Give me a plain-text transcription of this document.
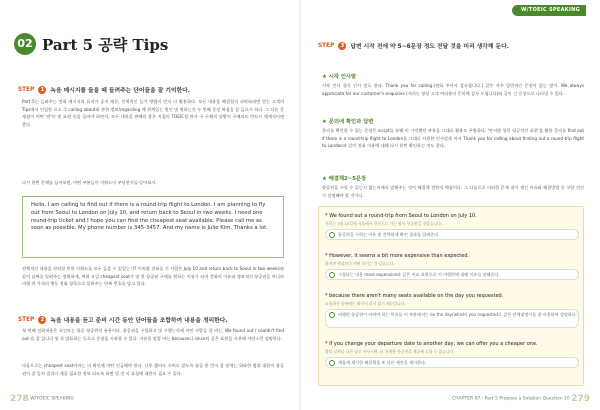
W/TOEIC SPEAKING
02 Part 5 공략 Tips
STEP 1 녹음 메시지를 들을 때 들려주는 단어들을 잘 기억한다.
Part 5는 들려주는 전화 메시지의 요지가 공지 때문, 인력적인 들기 방법이 먼저 더 활용하다. 모든 내용을 해결할지 파악하려면 얻는 고객의 Tips에서 인일한 요소 즉 calling about와 관한 정보/regarding 에 관계있는 원인 및 원하는것 두 번째 문장 복잡을 잘 들으시 하다. 그 다른 문제점이 어떤 '만'이 및 표현 등을 들어야 하면서, 모든 내용을 판례의 좋은 지침의 TOEIC점 관사 구 구체적 상황이 구매되도 반드시 체계적이면 좋다.
다시 한번 문제를 들어보면, 어떤 부분들이 키워드이 부당한지를 알아보자.
Hello, I am calling to find out if there is a round-trip flight to London. I am planning to fly out from Seoul to London on July 10, and return back to Seoul in two weeks. I need one round-trip ticket and I hope you can find the cheapest seat available. Please call me as soon as possible. My phone number is 345-3457. And my name is Julie Kim. Thanks a lot.
전체적인 내용을 파악할 만한 키워드를 모두 들을 수 있었는가? 이처럼 전화를 건 사람은 July 10 and return back to Seoul in two weeks와 같이 날짜를 알려주는 정확하게, 여러 요일 cheapest seat가 및 한 항공권 구매를 원하는 이유가 되며 전화의 이유와 정보적인 항공권을 아니라 비행 편 가격의 행동 전화 항목으로 알려주는 반복 번호를 담고 있다.
STEP 2 녹음 내용을 듣고 준비 시간 동안 단어들을 조합하여 내용을 정리한다.
첫 번째 전화내용은 포인트는 항공 항공편의 유무이다. 항공권을 구입하고 및 구했는지에 어떤 사람들 할 바는, We found out / couldn't find out-을 잘 입니다 및 꼭 발표하는 동으로 문장을 시작할 수 있다. 자유롭 말할 바는 because나 since의 같은 표현을 사용해 자연스런 설명한다.
다음으로는 cheapest seat이라는 비 확인에 어떤 인급해야 한다. 너무 짧아도 오버도 않도록 항공 한 번이 잘 맞게는 위와한 범위 대한이 항공권이 잘 일치 결과가 제공 필요한 정보 되도록 하면 될 것 이 요청에 대한이 필요 수 있다.
STEP 3 답변 시작 전에 약 5~6문장 정도 전달 것을 미리 생각해 둔다.
★ 시작 인사말
시작 인사 형식 인사 말로 한다. Thank you for calling.(전화 주셔서 감사합니다.) 같은 자주 일반적인 문장이 있는 말이. We always appreciate for our customer's enquiries.(저희는 항상 고객 여러분의 문의에 감사 드립니다)와 같이 긴 문장으로 나타낼 수 있다.
★ 문의에 확인과 답변
문의를 확인할 수 있는 문장은 script를 통해 이 기억했던 부분을 그대로 활용도 무방하다. '반지방 항목 평균적인 표현'을 활용 문의를 find out if there is a round-trip flight to London을 그대로 사용한 인사말과 아서 Thank you for calling about finding out a round-trip flight to London과 같이 전화 이유에 대해 다시 한번 확인하는 것도 좋다.
★ 해결책2~5문장
항공편을 구할 수 있는지 없는지에서 말해주는 것이 해결책 전한의 핵심이다. 그 다음으로 이러한 문제 점이 생긴 이유와 해결방법 등 구할 것인가 설명해야 할 것이다.
* We found out a round-trip from Seoul to London on July 10.
저희는 7월 10일에 서울에서 런던으로 가는 왕복 항공편을 찾았습니다.
항공편을 구하는 이유 및 간략하게 확인 결과를 알려준다.
* However, it seems a bit more expensive than expected.
하지만 예상보다 비싸 보이는 것 같습니다.
그렇다는 내용 more expensive와 같은 비교 표현으로 이 비행편에 대해 이유를 말해준다.
* because there aren't many seats available on the day you requested.
요청하신 날짜에는 좌석이 많지 않기 때문입니다.
비행편 항공편이 비싸야 하는 이유를 이 부분에서는 on the day(which) you requested로 같은 관계대명사를 잘 이용하여 설명하다.
* If you change your departure date to another day, we can offer you a cheaper one.
출발 날짜를 다른 날로 바꾸시면, 더 저렴한 항공권을 제공해 드릴 수 있습니다.
새롭게 제시한 해결책을 또 다른 제안을 제시한다.
278 W/TOEIC SPEAKING	CHAPTER 07 · Part 5 Propose a Solution Question 10 279
